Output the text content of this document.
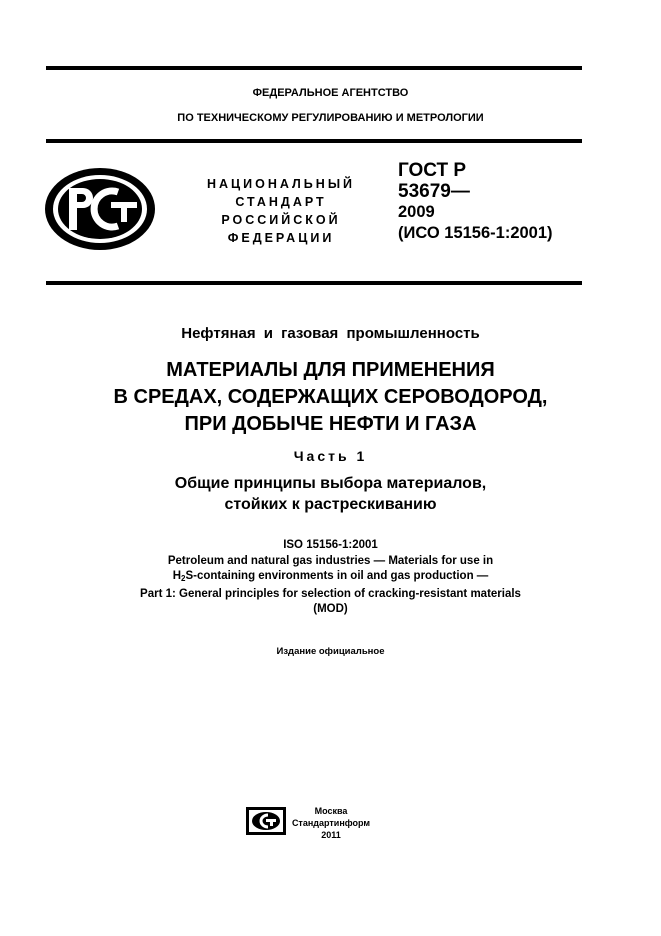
ФЕДЕРАЛЬНОЕ АГЕНТСТВО
ПО ТЕХНИЧЕСКОМУ РЕГУЛИРОВАНИЮ И МЕТРОЛОГИИ
НАЦИОНАЛЬНЫЙ
СТАНДАРТ
РОССИЙСКОЙ
ФЕДЕРАЦИИ
ГОСТ Р
53679—
2009
(ИСО 15156-1:2001)
Нефтяная и газовая промышленность
МАТЕРИАЛЫ ДЛЯ ПРИМЕНЕНИЯ
В СРЕДАХ, СОДЕРЖАЩИХ СЕРОВОДОРОД,
ПРИ ДОБЫЧЕ НЕФТИ И ГАЗА
Часть 1
Общие принципы выбора материалов,
стойких к растрескиванию
ISO 15156-1:2001
Petroleum and natural gas industries — Materials for use in
$H_2S$-containing environments in oil and gas production —
Part 1: General principles for selection of cracking-resistant materials
(MOD)
Издание официальное
Москва
Стандартинформ
2011
